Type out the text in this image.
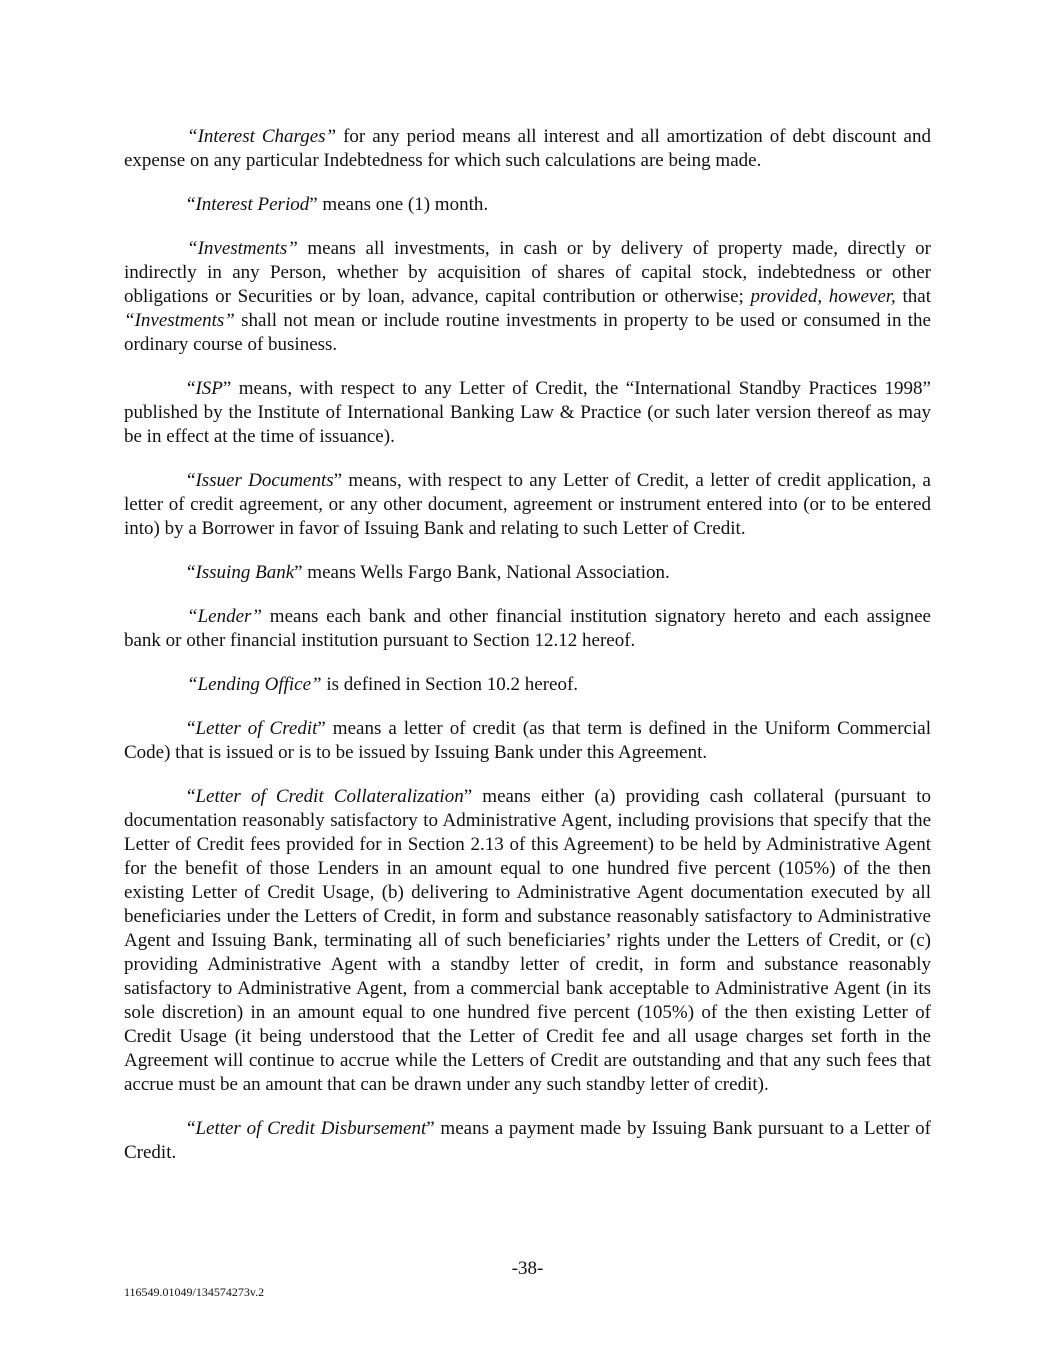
“Interest Charges” for any period means all interest and all amortization of debt discount and expense on any particular Indebtedness for which such calculations are being made.

“Interest Period” means one (1) month.

“Investments” means all investments, in cash or by delivery of property made, directly or indirectly in any Person, whether by acquisition of shares of capital stock, indebtedness or other obligations or Securities or by loan, advance, capital contribution or otherwise; provided, however, that “Investments” shall not mean or include routine investments in property to be used or consumed in the ordinary course of business.

“ISP” means, with respect to any Letter of Credit, the “International Standby Practices 1998” published by the Institute of International Banking Law & Practice (or such later version thereof as may be in effect at the time of issuance).

“Issuer Documents” means, with respect to any Letter of Credit, a letter of credit application, a letter of credit agreement, or any other document, agreement or instrument entered into (or to be entered into) by a Borrower in favor of Issuing Bank and relating to such Letter of Credit.

“Issuing Bank” means Wells Fargo Bank, National Association.

“Lender” means each bank and other financial institution signatory hereto and each assignee bank or other financial institution pursuant to Section 12.12 hereof.

“Lending Office” is defined in Section 10.2 hereof.

“Letter of Credit” means a letter of credit (as that term is defined in the Uniform Commercial Code) that is issued or is to be issued by Issuing Bank under this Agreement.

“Letter of Credit Collateralization” means either (a) providing cash collateral (pursuant to documentation reasonably satisfactory to Administrative Agent, including provisions that specify that the Letter of Credit fees provided for in Section 2.13 of this Agreement) to be held by Administrative Agent for the benefit of those Lenders in an amount equal to one hundred five percent (105%) of the then existing Letter of Credit Usage, (b) delivering to Administrative Agent documentation executed by all beneficiaries under the Letters of Credit, in form and substance reasonably satisfactory to Administrative Agent and Issuing Bank, terminating all of such beneficiaries’ rights under the Letters of Credit, or (c) providing Administrative Agent with a standby letter of credit, in form and substance reasonably satisfactory to Administrative Agent, from a commercial bank acceptable to Administrative Agent (in its sole discretion) in an amount equal to one hundred five percent (105%) of the then existing Letter of Credit Usage (it being understood that the Letter of Credit fee and all usage charges set forth in the Agreement will continue to accrue while the Letters of Credit are outstanding and that any such fees that accrue must be an amount that can be drawn under any such standby letter of credit).

“Letter of Credit Disbursement” means a payment made by Issuing Bank pursuant to a Letter of Credit.

-38-
116549.01049/134574273v.2
